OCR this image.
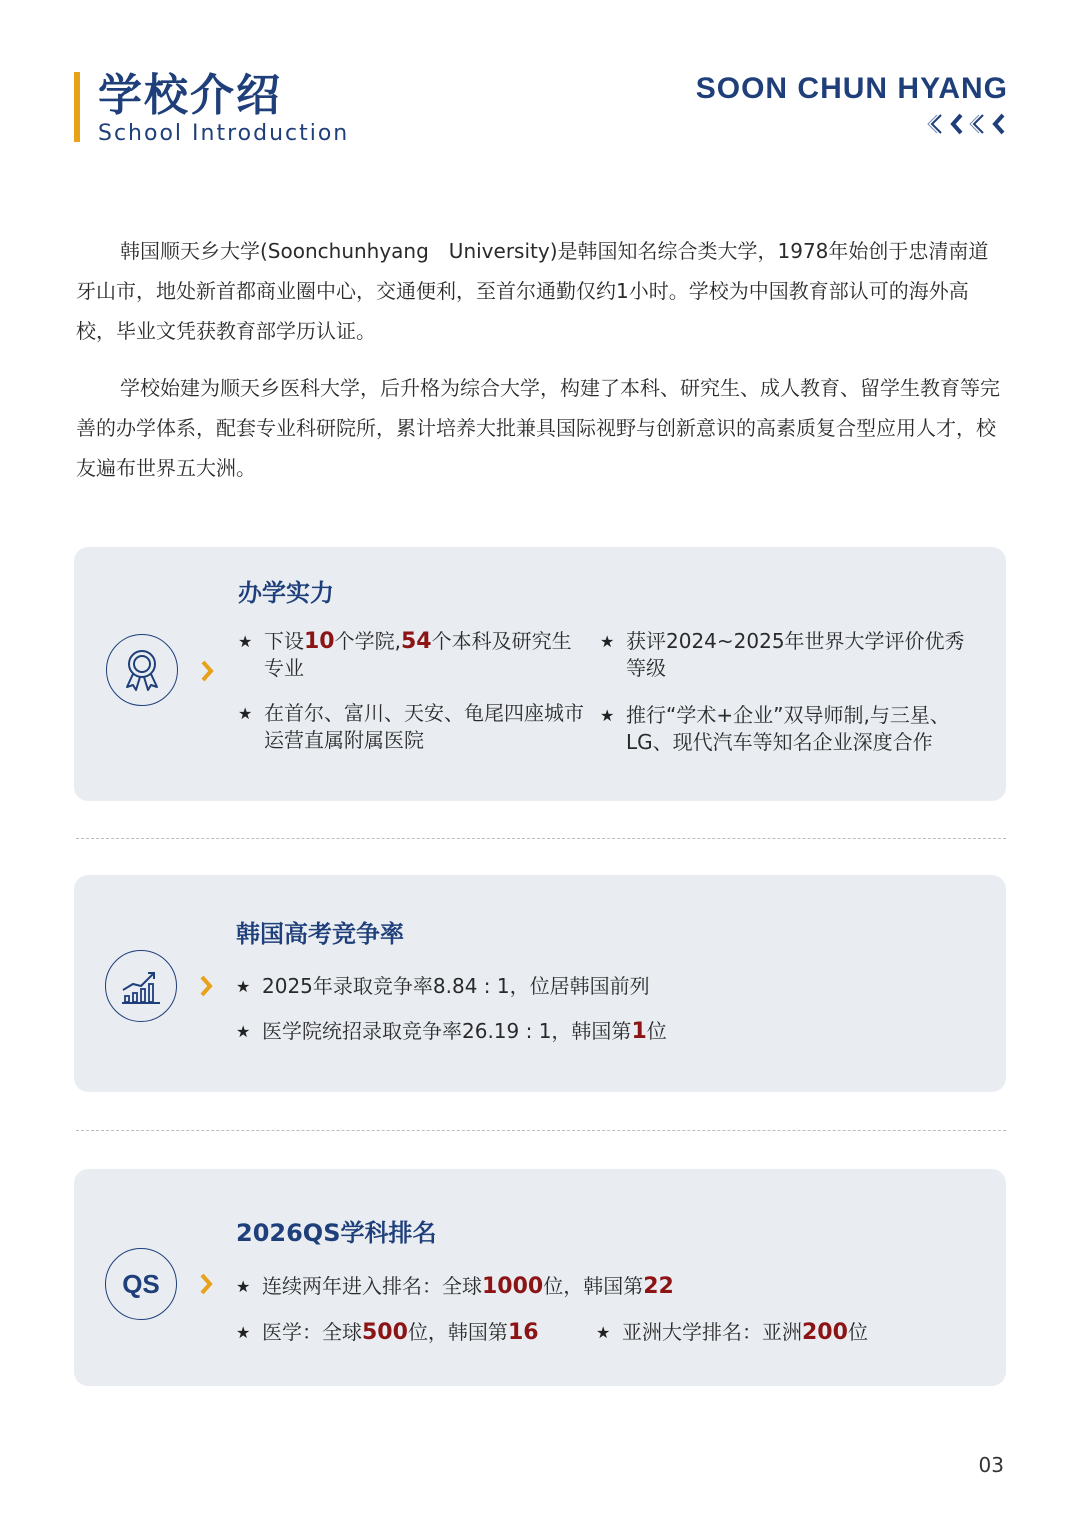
学校介绍
School Introduction
SOON CHUN HYANG

韩国顺天乡大学(Soonchunhyang　University)是韩国知名综合类大学，1978年始创于忠清南道牙山市，地处新首都商业圈中心，交通便利，至首尔通勤仅约1小时。学校为中国教育部认可的海外高校，毕业文凭获教育部学历认证。

学校始建为顺天乡医科大学，后升格为综合大学，构建了本科、研究生、成人教育、留学生教育等完善的办学体系，配套专业科研院所，累计培养大批兼具国际视野与创新意识的高素质复合型应用人才，校友遍布世界五大洲。

办学实力
★ 下设10个学院,54个本科及研究生专业
★ 获评2024~2025年世界大学评价优秀等级
★ 在首尔、富川、天安、龟尾四座城市运营直属附属医院
★ 推行“学术+企业”双导师制,与三星、LG、现代汽车等知名企业深度合作
韩国高考竞争率
★ 2025年录取竞争率8.84 : 1，位居韩国前列
★ 医学院统招录取竞争率26.19 : 1，韩国第1位
QS
2026QS学科排名
★ 连续两年进入排名：全球1000位，韩国第22
★ 医学：全球500位，韩国第16	★ 亚洲大学排名：亚洲200位
03
